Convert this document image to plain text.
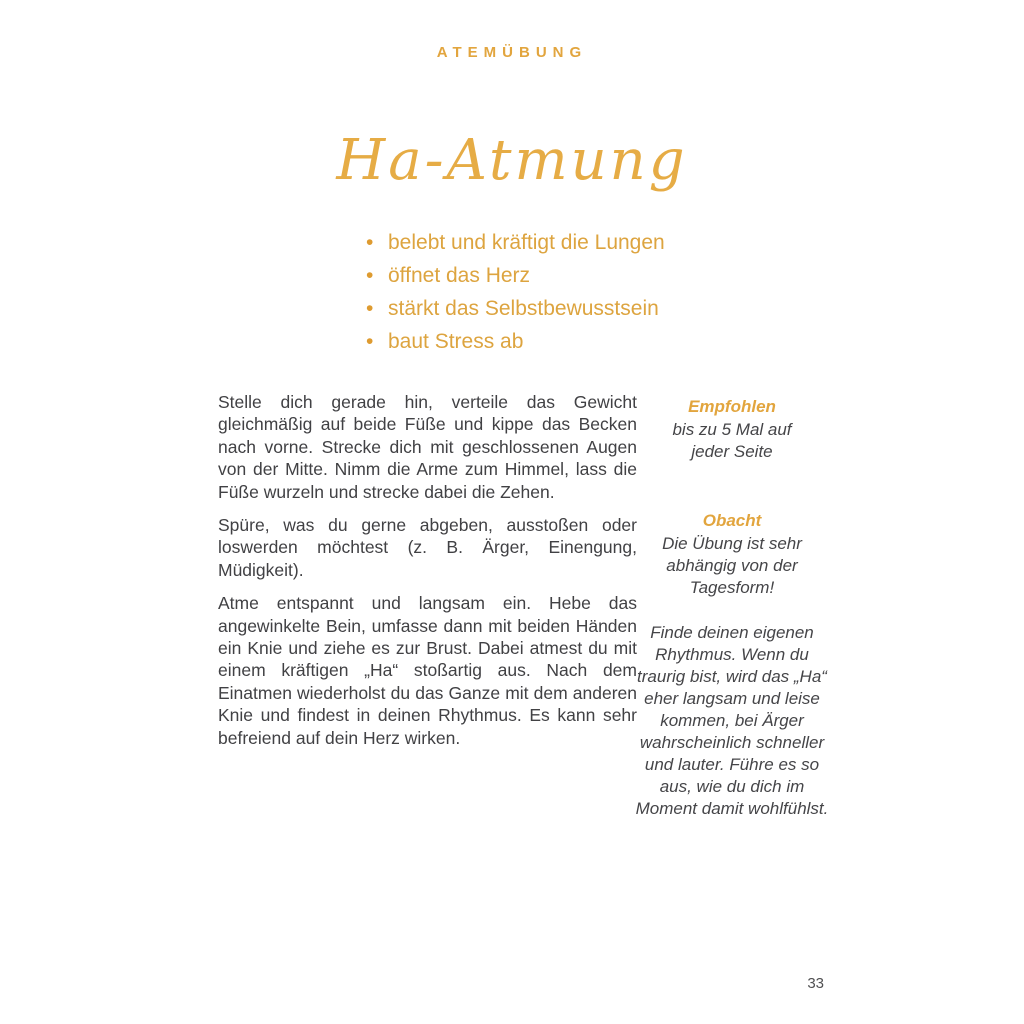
ATEMÜBUNG
Ha-Atmung
• belebt und kräftigt die Lungen
• öffnet das Herz
• stärkt das Selbstbewusstsein
• baut Stress ab

Stelle dich gerade hin, verteile das Gewicht gleichmäßig auf beide Füße und kippe das Becken nach vorne. Strecke dich mit geschlossenen Augen von der Mitte. Nimm die Arme zum Himmel, lass die Füße wurzeln und strecke dabei die Zehen.

Spüre, was du gerne abgeben, ausstoßen oder loswerden möchtest (z. B. Ärger, Einengung, Müdigkeit).

Atme entspannt und langsam ein. Hebe das angewinkelte Bein, umfasse dann mit beiden Händen ein Knie und ziehe es zur Brust. Dabei atmest du mit einem kräftigen „Ha“ stoßartig aus. Nach dem Einatmen wiederholst du das Ganze mit dem anderen Knie und findest in deinen Rhythmus. Es kann sehr befreiend auf dein Herz wirken.

Empfohlen
bis zu 5 Mal auf jeder Seite
Obacht
Die Übung ist sehr abhängig von der Tagesform!
Finde deinen eigenen Rhythmus. Wenn du traurig bist, wird das „Ha“ eher langsam und leise kommen, bei Ärger wahrscheinlich schneller und lauter. Führe es so aus, wie du dich im Moment damit wohlfühlst.
33
